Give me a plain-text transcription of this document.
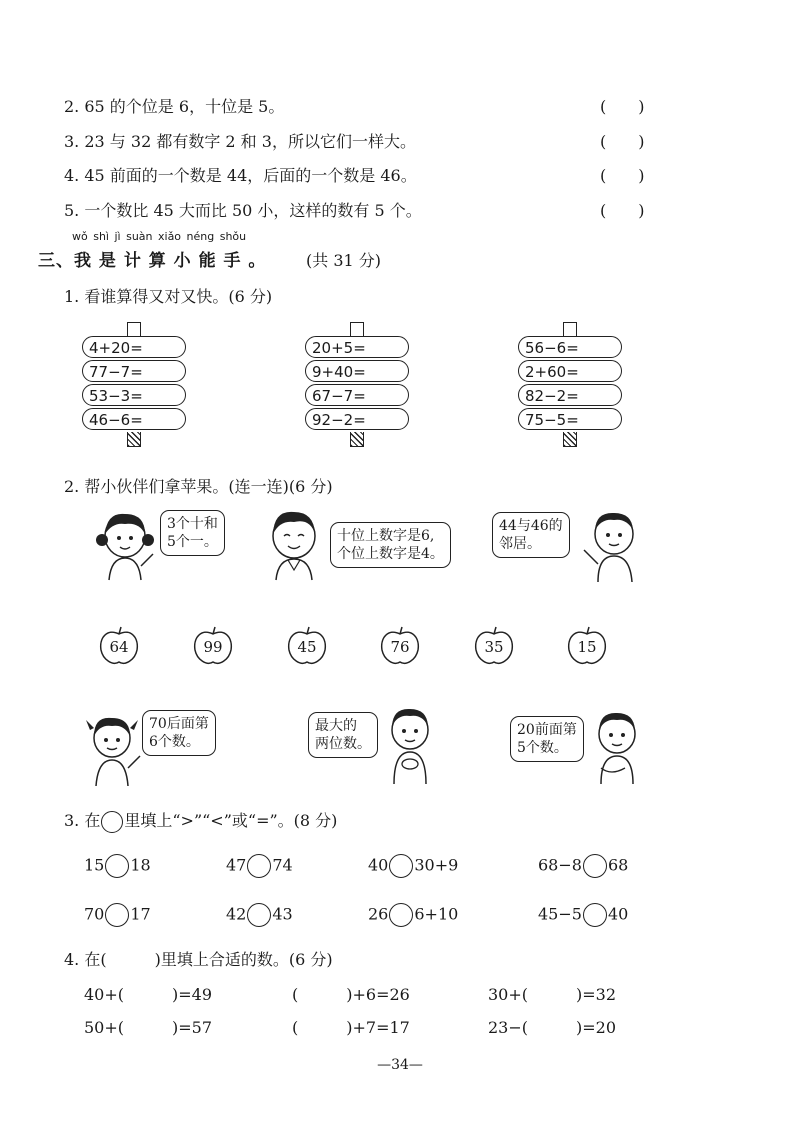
2. 65 的个位是 6，十位是 5。	(　　)
3. 23 与 32 都有数字 2 和 3，所以它们一样大。	(　　)
4. 45 前面的一个数是 44，后面的一个数是 46。	(　　)
5. 一个数比 45 大而比 50 小，这样的数有 5 个。	(　　)
wǒ shì jì suàn xiǎo néng shǒu
三、我 是 计 算 小 能 手 。 (共 31 分)
1. 看谁算得又对又快。(6 分)
4+20=
77−7=
53−3=
46−6=
20+5=
9+40=
67−7=
92−2=
56−6=
2+60=
82−2=
75−5=
2. 帮小伙伴们拿苹果。(连一连)(6 分)
3个十和
5个一。	十位上数字是6,
个位上数字是4。
44与46的
邻居。
64	99	45	76	35	15
70后面第
6个数。
最大的
两位数。
20前面第
5个数。
3. 在 里填上“>”“<”或“=”。(8 分)
15 18	47 74	40 30+9	68−8 68
70 17	42 43	26 6+10	45−5 40
4. 在(　　　)里填上合适的数。(6 分)
40+(　　　)=49	(　　　)+6=26	30+(　　　)=32
50+(　　　)=57	(　　　)+7=17	23−(　　　)=20
—34—
